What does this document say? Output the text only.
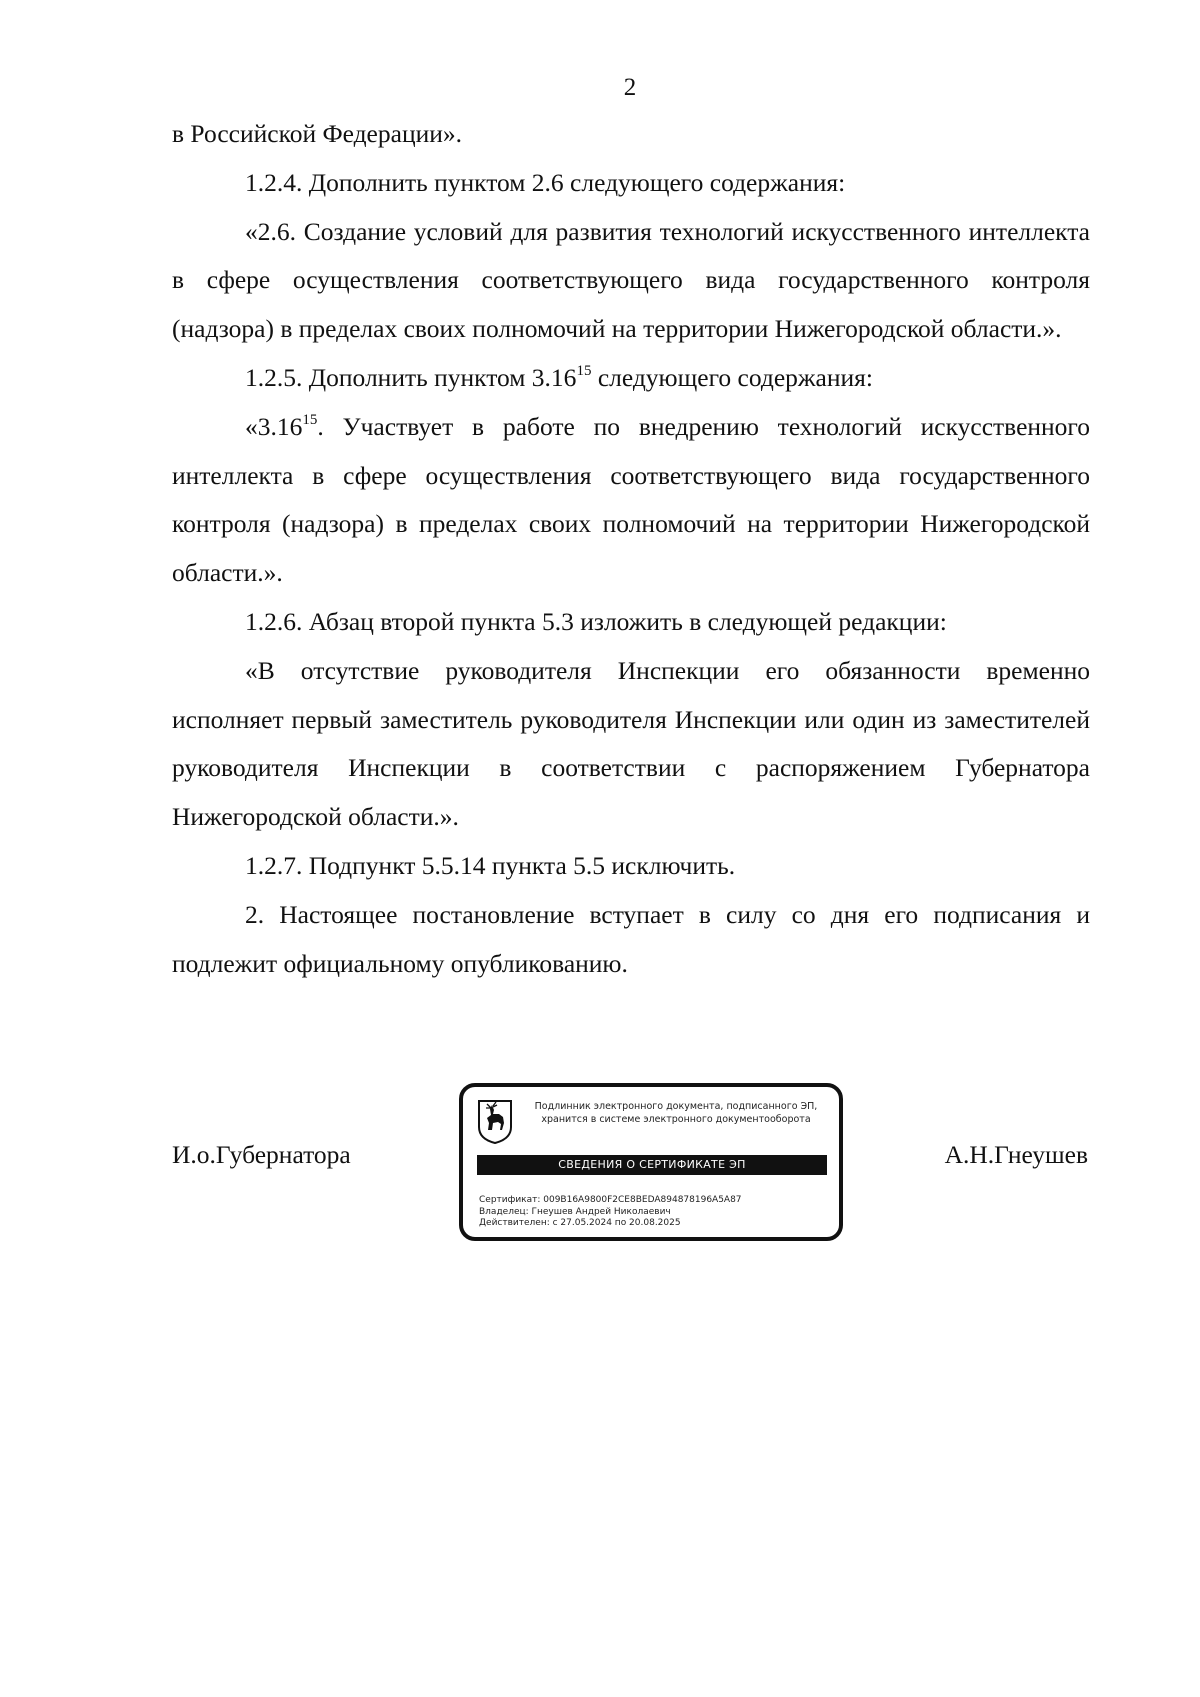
2

в Российской Федерации».

1.2.4. Дополнить пунктом 2.6 следующего содержания:

«2.6. Создание условий для развития технологий искусственного интеллекта в сфере осуществления соответствующего вида государственного контроля (надзора) в пределах своих полномочий на территории Нижегородской области.».

1.2.5. Дополнить пунктом 3.16$^{15}$ следующего содержания:

«3.16$^{15}$. Участвует в работе по внедрению технологий искусственного интеллекта в сфере осуществления соответствующего вида государственного контроля (надзора) в пределах своих полномочий на территории Нижегородской области.».

1.2.6. Абзац второй пункта 5.3 изложить в следующей редакции:

«В отсутствие руководителя Инспекции его обязанности временно исполняет первый заместитель руководителя Инспекции или один из заместителей руководителя Инспекции в соответствии с распоряжением Губернатора Нижегородской области.».

1.2.7. Подпункт 5.5.14 пункта 5.5 исключить.

2. Настоящее постановление вступает в силу со дня его подписания и подлежит официальному опубликованию.

И.о.Губернатора	А.Н.Гнеушев
Подлинник электронного документа, подписанного ЭП,
хранится в системе электронного документооборота
СВЕДЕНИЯ О СЕРТИФИКАТЕ ЭП
Сертификат: 009B16A9800F2CE8BEDA894878196A5A87
Владелец: Гнеушев Андрей Николаевич
Действителен: с 27.05.2024 по 20.08.2025
